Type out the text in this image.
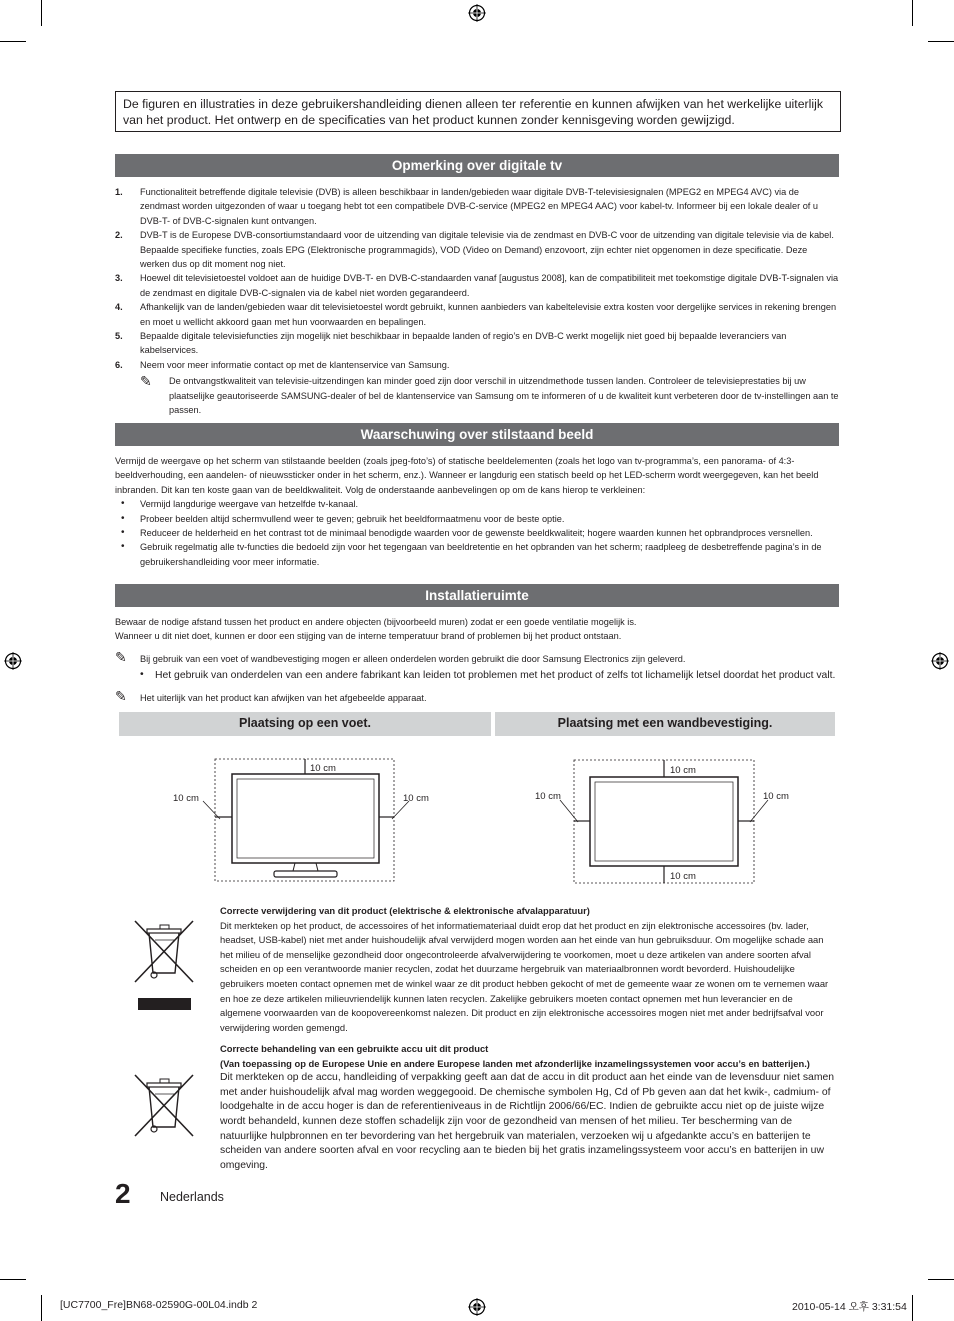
De figuren en illustraties in deze gebruikershandleiding dienen alleen ter referentie en kunnen afwijken van het werkelijke uiterlijk van het product. Het ontwerp en de specificaties van het product kunnen zonder kennisgeving worden gewijzigd.
Opmerking over digitale tv
1. Functionaliteit betreffende digitale televisie (DVB) is alleen beschikbaar in landen/gebieden waar digitale DVB-T-televisiesignalen (MPEG2 en MPEG4 AVC) via de zendmast worden uitgezonden of waar u toegang hebt tot een compatibele DVB-C-service (MPEG2 en MPEG4 AAC) voor kabel-tv. Informeer bij een lokale dealer of u DVB-T- of DVB-C-signalen kunt ontvangen.
2. DVB-T is de Europese DVB-consortiumstandaard voor de uitzending van digitale televisie via de zendmast en DVB-C voor de uitzending van digitale televisie via de kabel. Bepaalde specifieke functies, zoals EPG (Elektronische programmagids), VOD (Video on Demand) enzovoort, zijn echter niet opgenomen in deze specificatie. Deze werken dus op dit moment nog niet.
3. Hoewel dit televisietoestel voldoet aan de huidige DVB-T- en DVB-C-standaarden vanaf [augustus 2008], kan de compatibiliteit met toekomstige digitale DVB-T-signalen via de zendmast en digitale DVB-C-signalen via de kabel niet worden gegarandeerd.
4. Afhankelijk van de landen/gebieden waar dit televisietoestel wordt gebruikt, kunnen aanbieders van kabeltelevisie extra kosten voor dergelijke services in rekening brengen en moet u wellicht akkoord gaan met hun voorwaarden en bepalingen.
5. Bepaalde digitale televisiefuncties zijn mogelijk niet beschikbaar in bepaalde landen of regio’s en DVB-C werkt mogelijk niet goed bij bepaalde leveranciers van kabelservices.
6. Neem voor meer informatie contact op met de klantenservice van Samsung.
✎ De ontvangstkwaliteit van televisie-uitzendingen kan minder goed zijn door verschil in uitzendmethode tussen landen. Controleer de televisieprestaties bij uw plaatselijke geautoriseerde SAMSUNG-dealer of bel de klantenservice van Samsung om te informeren of u de kwaliteit kunt verbeteren door de tv-instellingen aan te passen.
Waarschuwing over stilstaand beeld
Vermijd de weergave op het scherm van stilstaande beelden (zoals jpeg-foto’s) of statische beeldelementen (zoals het logo van tv-programma’s, een panorama- of 4:3-beeldverhouding, een aandelen- of nieuwssticker onder in het scherm, enz.). Wanneer er langdurig een statisch beeld op het LED-scherm wordt weergegeven, kan het beeld inbranden. Dit kan ten koste gaan van de beeldkwaliteit. Volg de onderstaande aanbevelingen op om de kans hierop te verkleinen:
• Vermijd langdurige weergave van hetzelfde tv-kanaal.
• Probeer beelden altijd schermvullend weer te geven; gebruik het beeldformaatmenu voor de beste optie.
• Reduceer de helderheid en het contrast tot de minimaal benodigde waarden voor de gewenste beeldkwaliteit; hogere waarden kunnen het opbrandproces versnellen.
• Gebruik regelmatig alle tv-functies die bedoeld zijn voor het tegengaan van beeldretentie en het opbranden van het scherm; raadpleeg de desbetreffende pagina’s in de gebruikershandleiding voor meer informatie.
Installatieruimte
Bewaar de nodige afstand tussen het product en andere objecten (bijvoorbeeld muren) zodat er een goede ventilatie mogelijk is.
Wanneer u dit niet doet, kunnen er door een stijging van de interne temperatuur brand of problemen bij het product ontstaan.
✎ Bij gebruik van een voet of wandbevestiging mogen er alleen onderdelen worden gebruikt die door Samsung Electronics zijn geleverd.
• Het gebruik van onderdelen van een andere fabrikant kan leiden tot problemen met het product of zelfs tot lichamelijk letsel doordat het product valt.
✎ Het uiterlijk van het product kan afwijken van het afgebeelde apparaat.
Plaatsing op een voet.	Plaatsing met een wandbevestiging.
10 cm
10 cm	10 cm
10 cm
10 cm	10 cm
10 cm
Correcte verwijdering van dit product (elektrische & elektronische afvalapparatuur)
Dit merkteken op het product, de accessoires of het informatiemateriaal duidt erop dat het product en zijn elektronische accessoires (bv. lader, headset, USB-kabel) niet met ander huishoudelijk afval verwijderd mogen worden aan het einde van hun gebruiksduur. Om mogelijke schade aan het milieu of de menselijke gezondheid door ongecontroleerde afvalverwijdering te voorkomen, moet u deze artikelen van andere soorten afval scheiden en op een verantwoorde manier recyclen, zodat het duurzame hergebruik van materiaalbronnen wordt bevorderd. Huishoudelijke gebruikers moeten contact opnemen met de winkel waar ze dit product hebben gekocht of met de gemeente waar ze wonen om te vernemen waar en hoe ze deze artikelen milieuvriendelijk kunnen laten recyclen. Zakelijke gebruikers moeten contact opnemen met hun leverancier en de algemene voorwaarden van de koopovereenkomst nalezen. Dit product en zijn elektronische accessoires mogen niet met ander bedrijfsafval voor verwijdering worden gemengd.
Correcte behandeling van een gebruikte accu uit dit product
(Van toepassing op de Europese Unie en andere Europese landen met afzonderlijke inzamelingssystemen voor accu’s en batterijen.)
Dit merkteken op de accu, handleiding of verpakking geeft aan dat de accu in dit product aan het einde van de levensduur niet samen met ander huishoudelijk afval mag worden weggegooid. De chemische symbolen Hg, Cd of Pb geven aan dat het kwik-, cadmium- of loodgehalte in de accu hoger is dan de referentieniveaus in de Richtlijn 2006/66/EC. Indien de gebruikte accu niet op de juiste wijze wordt behandeld, kunnen deze stoffen schadelijk zijn voor de gezondheid van mensen of het milieu. Ter bescherming van de natuurlijke hulpbronnen en ter bevordering van het hergebruik van materialen, verzoeken wij u afgedankte accu’s en batterijen te scheiden van andere soorten afval en voor recycling aan te bieden bij het gratis inzamelingssysteem voor accu’s en batterijen in uw omgeving.
2 Nederlands
[UC7700_Fre]BN68-02590G-00L04.indb 2	2010-05-14 오후 3:31:54
